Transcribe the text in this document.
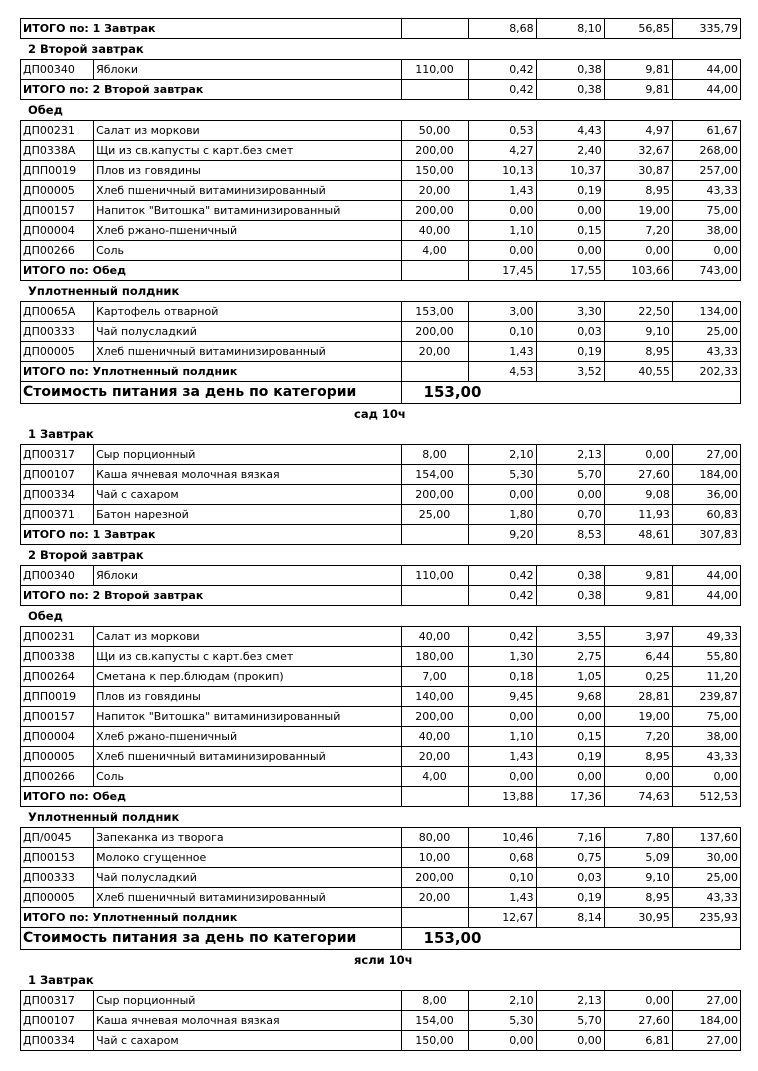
ИТОГО по: 1 Завтрак		8,68	8,10	56,85	335,79
2 Второй завтрак
ДП00340	Яблоки	110,00	0,42	0,38	9,81	44,00
ИТОГО по: 2 Второй завтрак			0,42	0,38	9,81	44,00
Обед
ДП00231	Салат из моркови	50,00	0,53	4,43	4,97	61,67
ДП0338А	Щи из св.капусты с карт.без смет	200,00	4,27	2,40	32,67	268,00
ДПП0019	Плов из говядины	150,00	10,13	10,37	30,87	257,00
ДП00005	Хлеб пшеничный витаминизированный	20,00	1,43	0,19	8,95	43,33
ДП00157	Напиток "Витошка" витаминизированный	200,00	0,00	0,00	19,00	75,00
ДП00004	Хлеб ржано-пшеничный	40,00	1,10	0,15	7,20	38,00
ДП00266	Соль	4,00	0,00	0,00	0,00	0,00
ИТОГО по: Обед			17,45	17,55	103,66	743,00
Уплотненный полдник
ДП0065А	Картофель отварной	153,00	3,00	3,30	22,50	134,00
ДП00333	Чай полусладкий	200,00	0,10	0,03	9,10	25,00
ДП00005	Хлеб пшеничный витаминизированный	20,00	1,43	0,19	8,95	43,33
ИТОГО по: Уплотненный полдник			4,53	3,52	40,55	202,33
Стоимость питания за день по категории		153,00				
сад 10ч
1 Завтрак
ДП00317	Сыр порционный	8,00	2,10	2,13	0,00	27,00
ДП00107	Каша ячневая молочная вязкая	154,00	5,30	5,70	27,60	184,00
ДП00334	Чай с сахаром	200,00	0,00	0,00	9,08	36,00
ДП00371	Батон нарезной	25,00	1,80	0,70	11,93	60,83
ИТОГО по: 1 Завтрак			9,20	8,53	48,61	307,83
2 Второй завтрак
ДП00340	Яблоки	110,00	0,42	0,38	9,81	44,00
ИТОГО по: 2 Второй завтрак			0,42	0,38	9,81	44,00
Обед
ДП00231	Салат из моркови	40,00	0,42	3,55	3,97	49,33
ДП00338	Щи из св.капусты с карт.без смет	180,00	1,30	2,75	6,44	55,80
ДП00264	Сметана к пер.блюдам (прокип)	7,00	0,18	1,05	0,25	11,20
ДПП0019	Плов из говядины	140,00	9,45	9,68	28,81	239,87
ДП00157	Напиток "Витошка" витаминизированный	200,00	0,00	0,00	19,00	75,00
ДП00004	Хлеб ржано-пшеничный	40,00	1,10	0,15	7,20	38,00
ДП00005	Хлеб пшеничный витаминизированный	20,00	1,43	0,19	8,95	43,33
ДП00266	Соль	4,00	0,00	0,00	0,00	0,00
ИТОГО по: Обед			13,88	17,36	74,63	512,53
Уплотненный полдник
ДП/0045	Запеканка из творога	80,00	10,46	7,16	7,80	137,60
ДП00153	Молоко сгущенное	10,00	0,68	0,75	5,09	30,00
ДП00333	Чай полусладкий	200,00	0,10	0,03	9,10	25,00
ДП00005	Хлеб пшеничный витаминизированный	20,00	1,43	0,19	8,95	43,33
ИТОГО по: Уплотненный полдник			12,67	8,14	30,95	235,93
Стоимость питания за день по категории		153,00				
ясли 10ч
1 Завтрак
ДП00317	Сыр порционный	8,00	2,10	2,13	0,00	27,00
ДП00107	Каша ячневая молочная вязкая	154,00	5,30	5,70	27,60	184,00
ДП00334	Чай с сахаром	150,00	0,00	0,00	6,81	27,00
